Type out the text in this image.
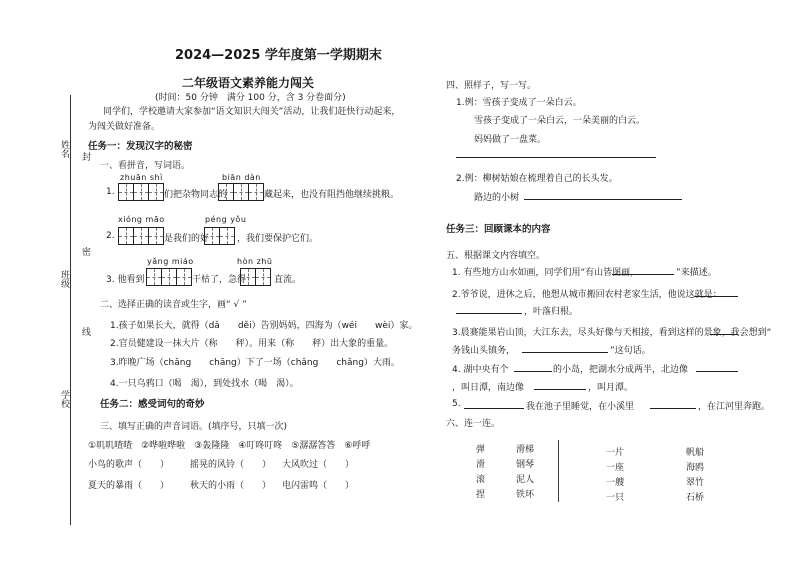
姓名
班级
学校
封
密
线
2024—2025 学年度第一学期期末
二年级语文素养能力闯关
(时间：50 分钟　满分 100 分，含 3 分卷面分)
同学们，学校邀请大家参加“语文知识大闯关”活动，让我们赶快行动起来，
为闯关做好准备。
任务一：发现汉字的秘密
一、看拼音，写词语。
zhuān shì	biān dàn
1.	们把杂物同志的	藏起来，也没有阻挡他继续挑粮。
xióng māo	péng yǒu
2.	是我们的好	，我们要保护它们。
yǎng miáo	hòn zhū
3. 他看到	干枯了，急得	直流。
二、选择正确的读音或生字，画“ √ ”
1.孩子如果长大，就得（dǎ　　děi）告别妈妈，四海为（wéi　　wèi）家。
2.官员健建设一抹大片（称　　秤）。用来（称　　秤）出大象的重量。
3.昨晚广场（chǎng　　chāng）下了一场（chǎng　　chǎng）大雨。
4.一只乌鸦口（喝　渴），到处找水（喝　渴）。
任务二：感受词句的奇妙
三、填写正确的声音词语。(填序号，只填一次)
①叽叽喳喳　②哗啦哗啦　③轰隆隆　④叮咚叮咚　⑤潺潺答答　⑥呼呼
小鸟的歌声（　　） 摇晃的风铃（　　） 大风吹过（　　）
夏天的暴雨（　　） 秋天的小雨（　　） 电闪雷鸣（　　）
四、照样子，写一写。
1.例：雪孩子变成了一朵白云。
雪孩子变成了一朵白云，一朵美丽的白云。
妈妈做了一盘菜。
2.例：柳树姑娘在梳理着自己的长头发。
路边的小树
任务三：回顾课本的内容
五、根据课文内容填空。
1. 有些地方山水如画，同学们用“有山皆图画，	”来描述。
2.爷爷说，进休之后，他想从城市搬回农村老家生活，他说这就是：
，叶落归根。
3.晨赛能果岩山顶，大江东去，尽头好像与天相接，看到这样的景象，我会想到“
务钱山头镇务，	”这句话。
4. 湖中央有个	的小岛，把湖水分成两半，北边像
，叫日潭，南边像	，叫月潭。
5.	我在池子里睡觉，在小溪里	，在江河里奔跑。
六、连一连。
弹
滑
滚
捏
滑梯
钢琴
泥人
铁环
一片
一座
一艘
一只
帆船
海鸥
翠竹
石桥
